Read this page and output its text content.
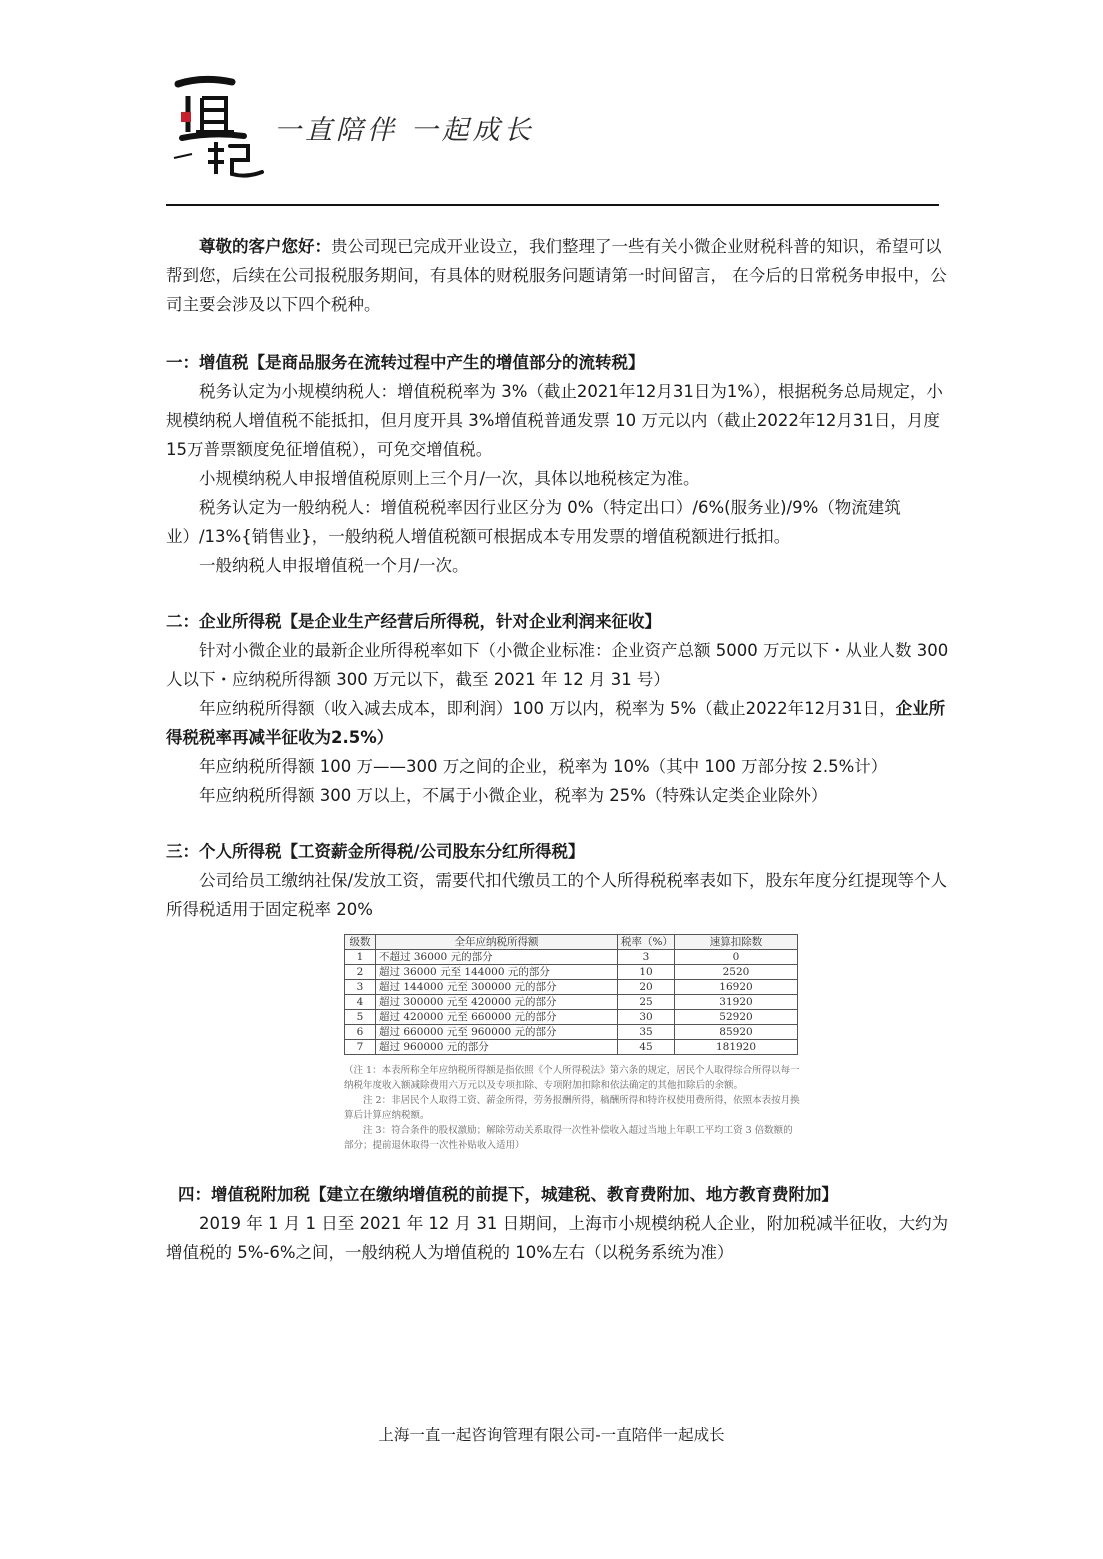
一直陪伴 一起成长

尊敬的客户您好：贵公司现已完成开业设立，我们整理了一些有关小微企业财税科普的知识，希望可以帮到您，后续在公司报税服务期间，有具体的财税服务问题请第一时间留言， 在今后的日常税务申报中，公司主要会涉及以下四个税种。

一：增值税【是商品服务在流转过程中产生的增值部分的流转税】

税务认定为小规模纳税人：增值税税率为 3%（截止2021年12月31日为1%），根据税务总局规定，小规模纳税人增值税不能抵扣，但月度开具 3%增值税普通发票 10 万元以内（截止2022年12月31日，月度15万普票额度免征增值税），可免交增值税。

小规模纳税人申报增值税原则上三个月/一次，具体以地税核定为准。

税务认定为一般纳税人：增值税税率因行业区分为 0%（特定出口）/6%(服务业)/9%（物流建筑业）/13%{销售业}，一般纳税人增值税额可根据成本专用发票的增值税额进行抵扣。

一般纳税人申报增值税一个月/一次。

二：企业所得税【是企业生产经营后所得税，针对企业利润来征收】

针对小微企业的最新企业所得税率如下（小微企业标准：企业资产总额 5000 万元以下・从业人数 300 人以下・应纳税所得额 300 万元以下，截至 2021 年 12 月 31 号）

年应纳税所得额（收入减去成本，即利润）100 万以内，税率为 5%（截止2022年12月31日，企业所得税税率再减半征收为2.5%）

年应纳税所得额 100 万——300 万之间的企业，税率为 10%（其中 100 万部分按 2.5%计）

年应纳税所得额 300 万以上，不属于小微企业，税率为 25%（特殊认定类企业除外）

三：个人所得税【工资薪金所得税/公司股东分红所得税】

公司给员工缴纳社保/发放工资，需要代扣代缴员工的个人所得税税率表如下，股东年度分红提现等个人所得税适用于固定税率 20%

级数	全年应纳税所得额	税率（%）	速算扣除数
1	不超过 36000 元的部分	3	0
2	超过 36000 元至 144000 元的部分	10	2520
3	超过 144000 元至 300000 元的部分	20	16920
4	超过 300000 元至 420000 元的部分	25	31920
5	超过 420000 元至 660000 元的部分	30	52920
6	超过 660000 元至 960000 元的部分	35	85920
7	超过 960000 元的部分	45	181920

（注 1：本表所称全年应纳税所得额是指依照《个人所得税法》第六条的规定，居民个人取得综合所得以每一纳税年度收入额减除费用六万元以及专项扣除、专项附加扣除和依法确定的其他扣除后的余额。

注 2：非居民个人取得工资、薪金所得，劳务报酬所得，稿酬所得和特许权使用费所得，依照本表按月换算后计算应纳税额。

注 3：符合条件的股权激励；解除劳动关系取得一次性补偿收入超过当地上年职工平均工资 3 倍数额的部分；提前退休取得一次性补贴收入适用）

四：增值税附加税【建立在缴纳增值税的前提下，城建税、教育费附加、地方教育费附加】

2019 年 1 月 1 日至 2021 年 12 月 31 日期间，上海市小规模纳税人企业，附加税减半征收，大约为增值税的 5%-6%之间，一般纳税人为增值税的 10%左右（以税务系统为准）

上海一直一起咨询管理有限公司-一直陪伴一起成长
